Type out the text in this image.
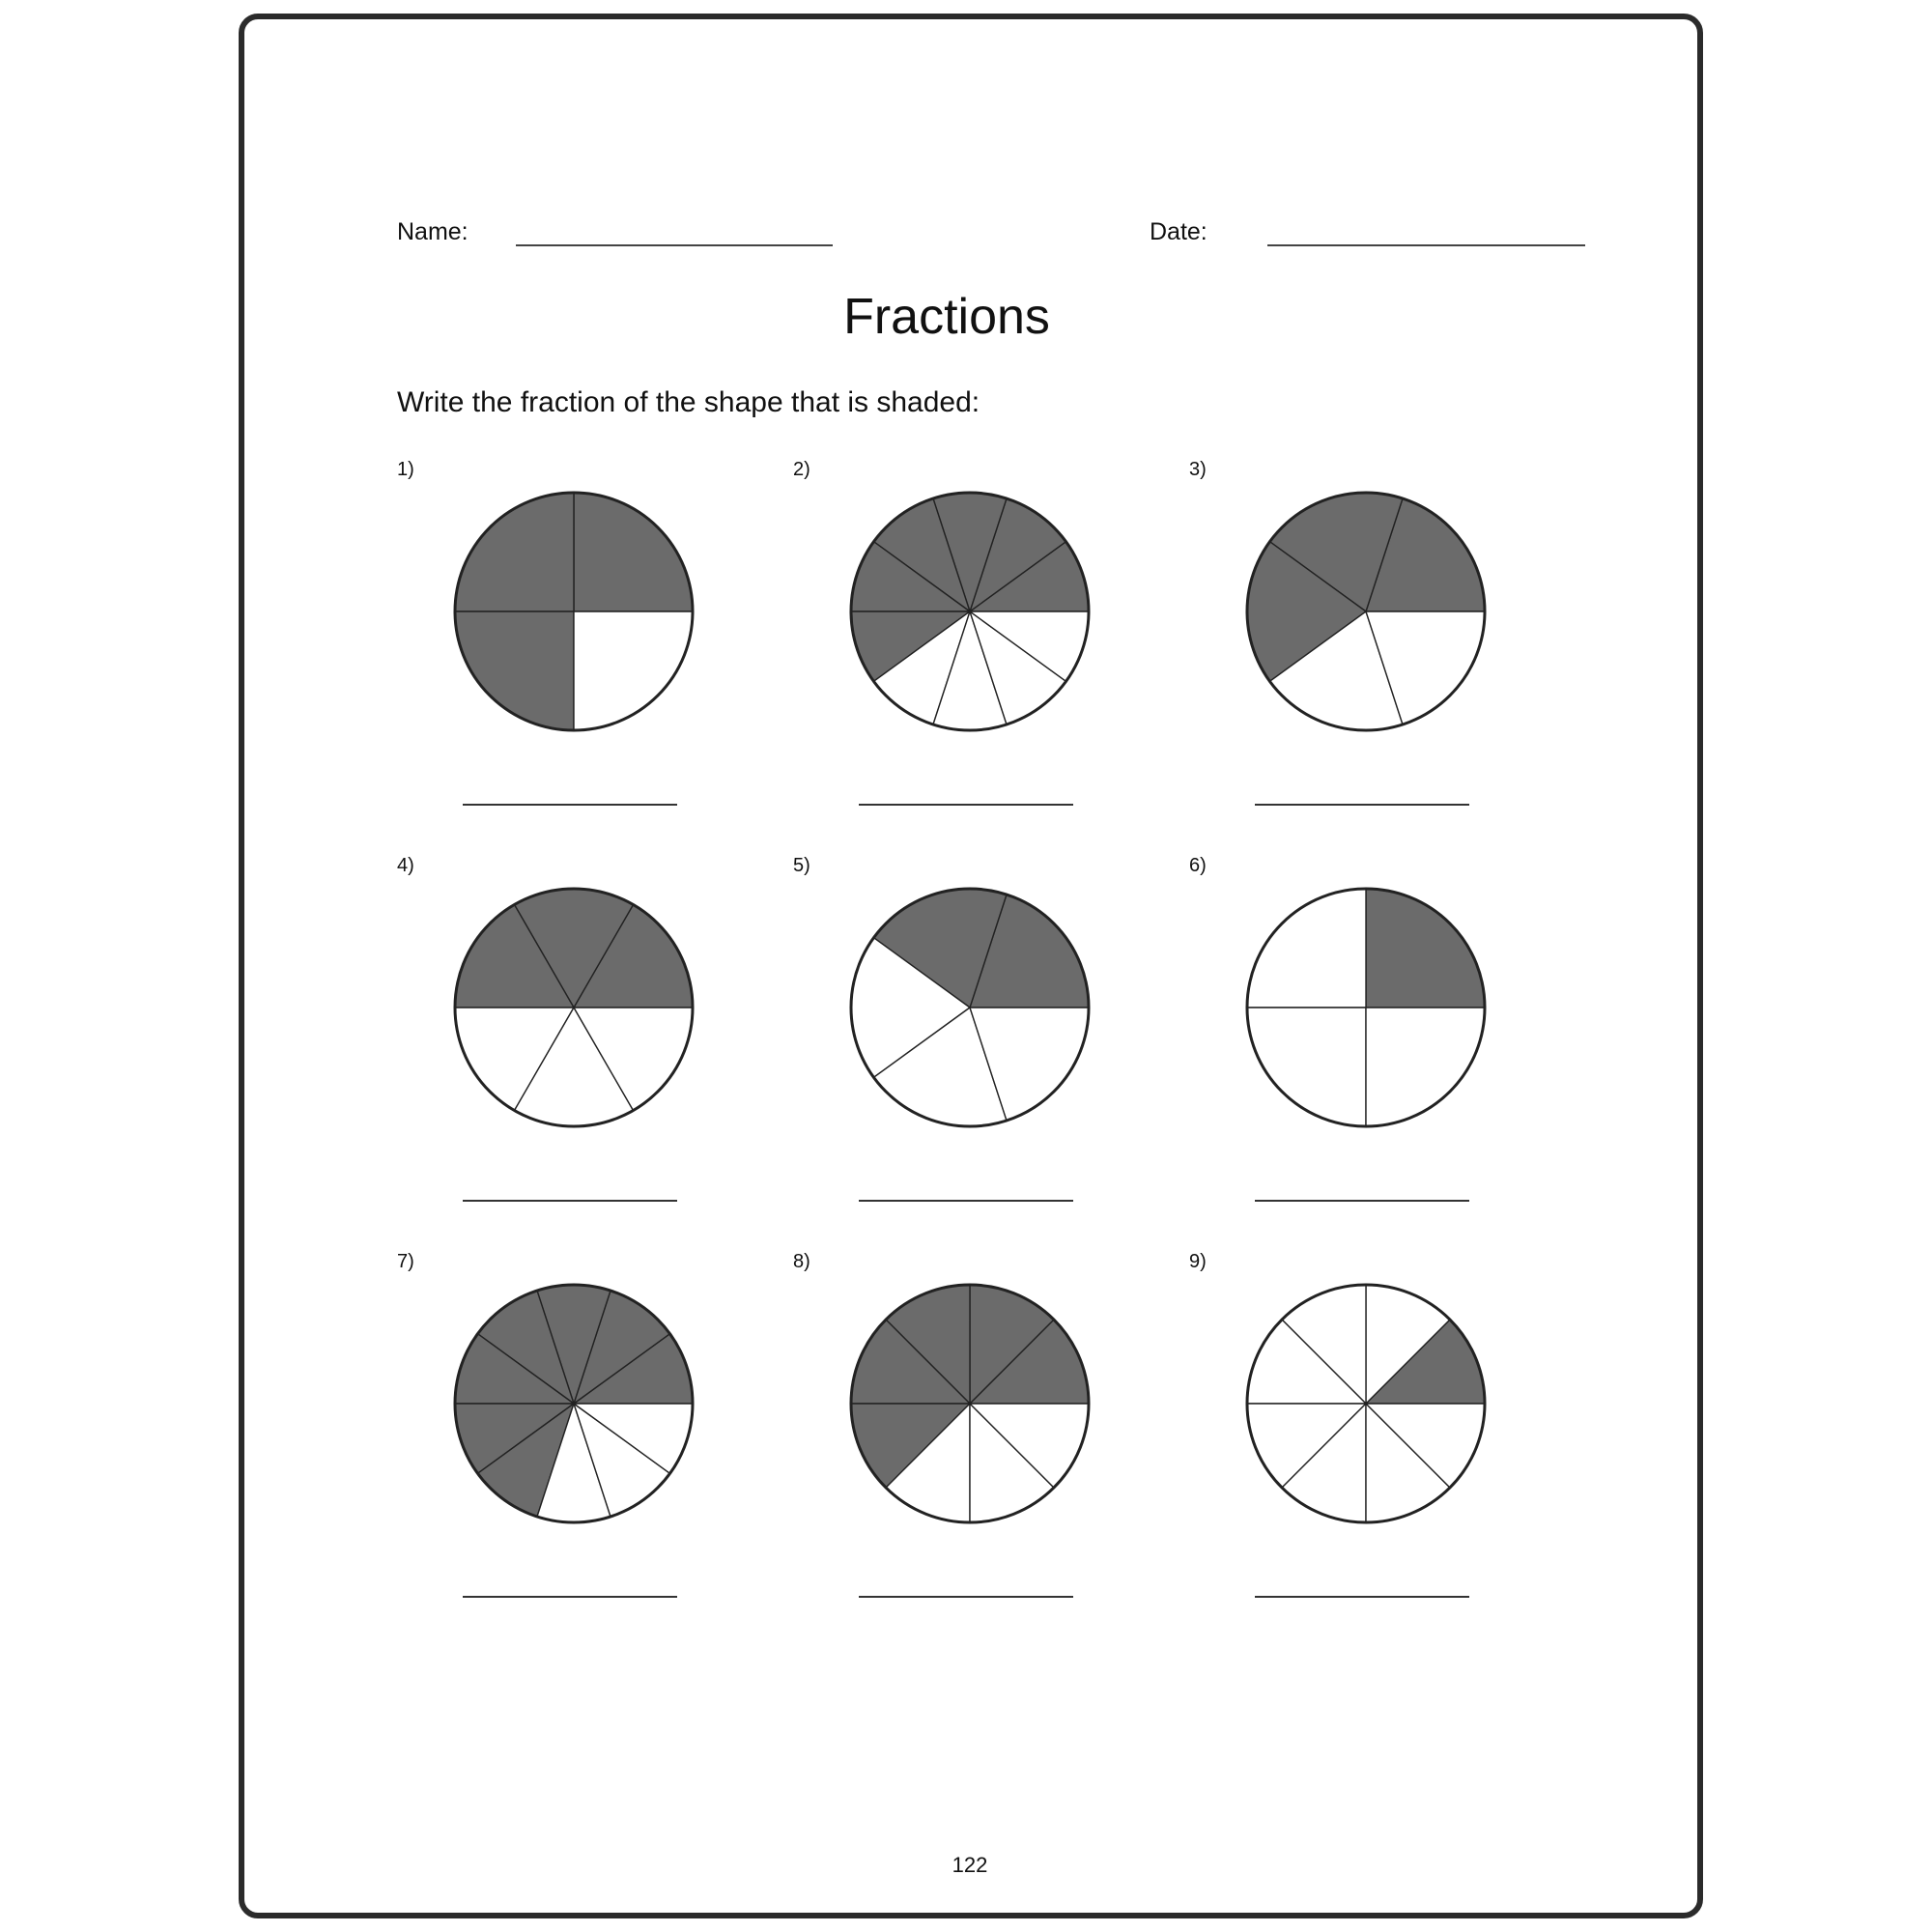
Name:	Date:
Fractions
Write the fraction of the shape that is shaded:
1)	2)	3)
4)	5)	6)
7)	8)	9)
122
